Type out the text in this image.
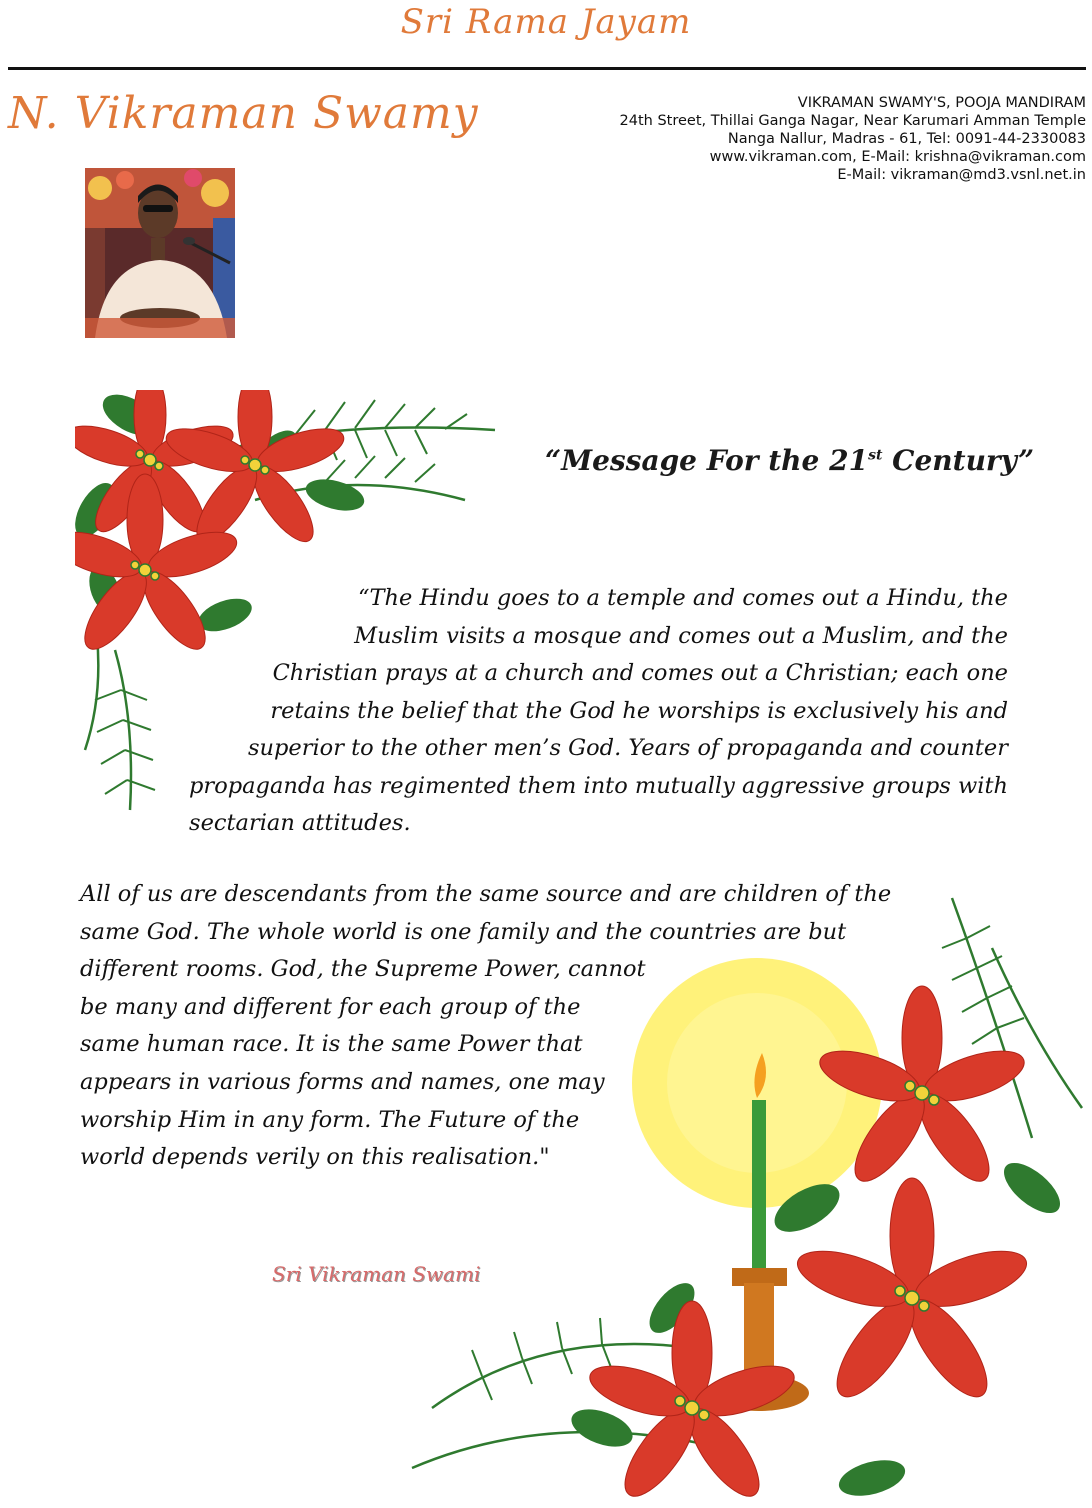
Sri Rama Jayam
N. Vikraman Swamy	VIKRAMAN SWAMY'S, POOJA MANDIRAM
24th Street, Thillai Ganga Nagar, Near Karumari Amman Temple
Nanga Nallur, Madras - 61, Tel: 0091-44-2330083
www.vikraman.com, E-Mail: krishna@vikraman.com
E-Mail: vikraman@md3.vsnl.net.in
“Message For the 21st Century”
“The Hindu goes to a temple and comes out a Hindu, the
Muslim visits a mosque and comes out a Muslim, and the
Christian prays at a church and comes out a Christian; each one
retains the belief that the God he worships is exclusively his and
superior to the other men’s God. Years of propaganda and counter
propaganda has regimented them into mutually aggressive groups with
sectarian attitudes.
All of us are descendants from the same source and are children of the
same God. The whole world is one family and the countries are but
different rooms. God, the Supreme Power, cannot
be many and different for each group of the
same human race. It is the same Power that
appears in various forms and names, one may
worship Him in any form. The Future of the
world depends verily on this realisation."
Sri Vikraman Swami
